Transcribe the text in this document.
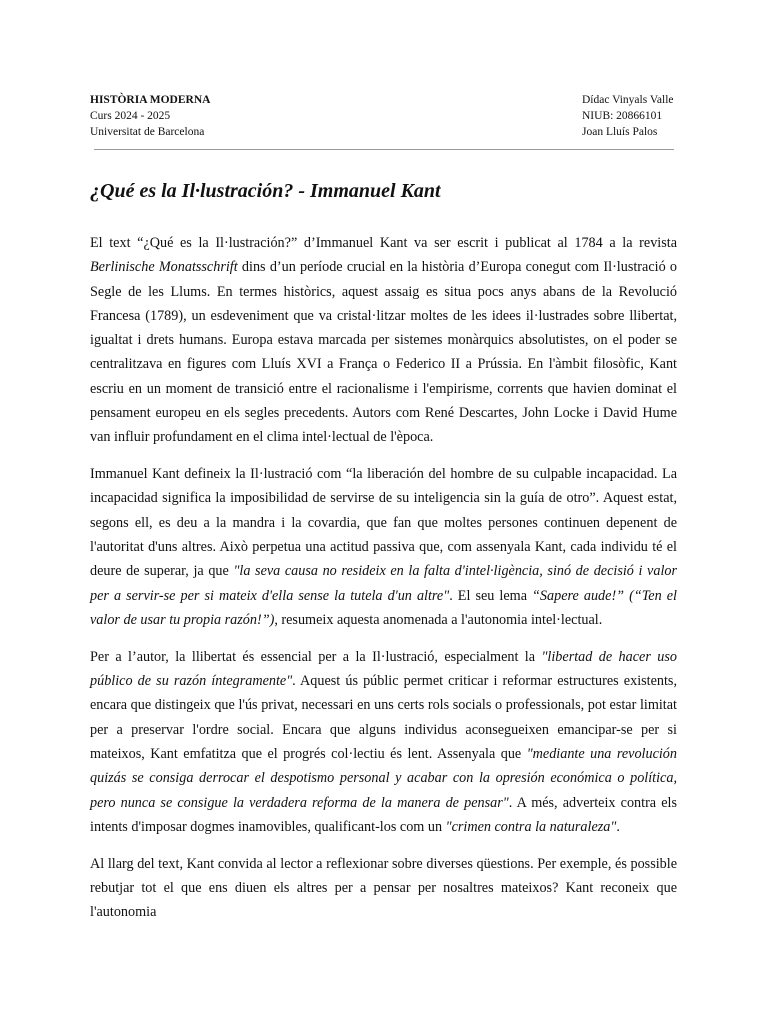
HISTÒRIA MODERNA
Curs 2024 - 2025
Universitat de Barcelona
Dídac Vinyals Valle
NIUB: 20866101
Joan Lluís Palos
¿Qué es la Il·lustración? - Immanuel Kant

El text “¿Qué es la Il·lustración?” d’Immanuel Kant va ser escrit i publicat al 1784 a la revista Berlinische Monatsschrift dins d’un període crucial en la història d’Europa conegut com Il·lustració o Segle de les Llums. En termes històrics, aquest assaig es situa pocs anys abans de la Revolució Francesa (1789), un esdeveniment que va cristal·litzar moltes de les idees il·lustrades sobre llibertat, igualtat i drets humans. Europa estava marcada per sistemes monàrquics absolutistes, on el poder se centralitzava en figures com Lluís XVI a França o Federico II a Prússia. En l'àmbit filosòfic, Kant escriu en un moment de transició entre el racionalisme i l'empirisme, corrents que havien dominat el pensament europeu en els segles precedents. Autors com René Descartes, John Locke i David Hume van influir profundament en el clima intel·lectual de l'època.

Immanuel Kant defineix la Il·lustració com “la liberación del hombre de su culpable incapacidad. La incapacidad significa la imposibilidad de servirse de su inteligencia sin la guía de otro”. Aquest estat, segons ell, es deu a la mandra i la covardia, que fan que moltes persones continuen depenent de l'autoritat d'uns altres. Això perpetua una actitud passiva que, com assenyala Kant, cada individu té el deure de superar, ja que "la seva causa no resideix en la falta d'intel·ligència, sinó de decisió i valor per a servir-se per si mateix d'ella sense la tutela d'un altre". El seu lema “Sapere aude!” (“Ten el valor de usar tu propia razón!”), resumeix aquesta anomenada a l'autonomia intel·lectual.

Per a l’autor, la llibertat és essencial per a la Il·lustració, especialment la "libertad de hacer uso público de su razón íntegramente". Aquest ús públic permet criticar i reformar estructures existents, encara que distingeix que l'ús privat, necessari en uns certs rols socials o professionals, pot estar limitat per a preservar l'ordre social. Encara que alguns individus aconsegueixen emancipar-se per si mateixos, Kant emfatitza que el progrés col·lectiu és lent. Assenyala que "mediante una revolución quizás se consiga derrocar el despotismo personal y acabar con la opresión económica o política, pero nunca se consigue la verdadera reforma de la manera de pensar". A més, adverteix contra els intents d'imposar dogmes inamovibles, qualificant-los com un "crimen contra la naturaleza".

Al llarg del text, Kant convida al lector a reflexionar sobre diverses qüestions. Per exemple, és possible rebutjar tot el que ens diuen els altres per a pensar per nosaltres mateixos? Kant reconeix que l'autonomia
